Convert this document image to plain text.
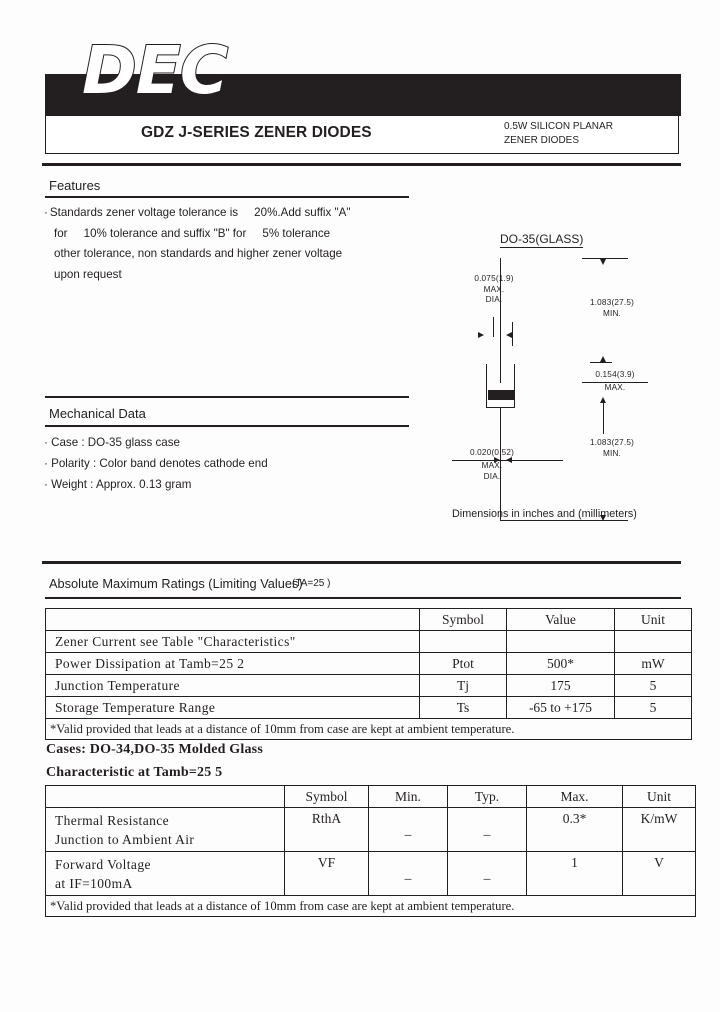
DEC
GDZ J-SERIES ZENER DIODES	0.5W SILICON PLANAR
ZENER DIODES
Features
· Standards zener voltage tolerance is     20%.Add suffix "A"
for     10% tolerance and suffix "B" for     5% tolerance
other tolerance, non standards and higher zener voltage
upon request
Mechanical Data
· Case : DO-35 glass case
· Polarity : Color band denotes cathode end
· Weight : Approx. 0.13 gram
DO-35(GLASS)
0.075(1.9)
MAX.
DIA.	1.083(27.5)
MIN.
0.154(3.9)
MAX.
1.083(27.5)
MIN.
0.020(0.52)
MAX.
DIA.
Dimensions in inches and (millimeters)
Absolute Maximum Ratings (Limiting Values)
(TA=25 )
	Symbol	Value	Unit
Zener Current see Table "Characteristics"			
Power Dissipation at Tamb=25 2	Ptot	500*	mW
Junction Temperature	Tj	175	5
Storage Temperature Range	Ts	-65 to +175	5
*Valid provided that leads at a distance of 10mm from case are kept at ambient temperature.			
Cases: DO-34,DO-35 Molded Glass
Characteristic at Tamb=25 5
	Symbol	Min.	Typ.	Max.	Unit

Thermal Resistance
Junction to Ambient Air	RthA	_	_	0.3*	K/mW

Forward Voltage
at IF=100mA	VF	_	_	1	V
*Valid provided that leads at a distance of 10mm from case are kept at ambient temperature.					
